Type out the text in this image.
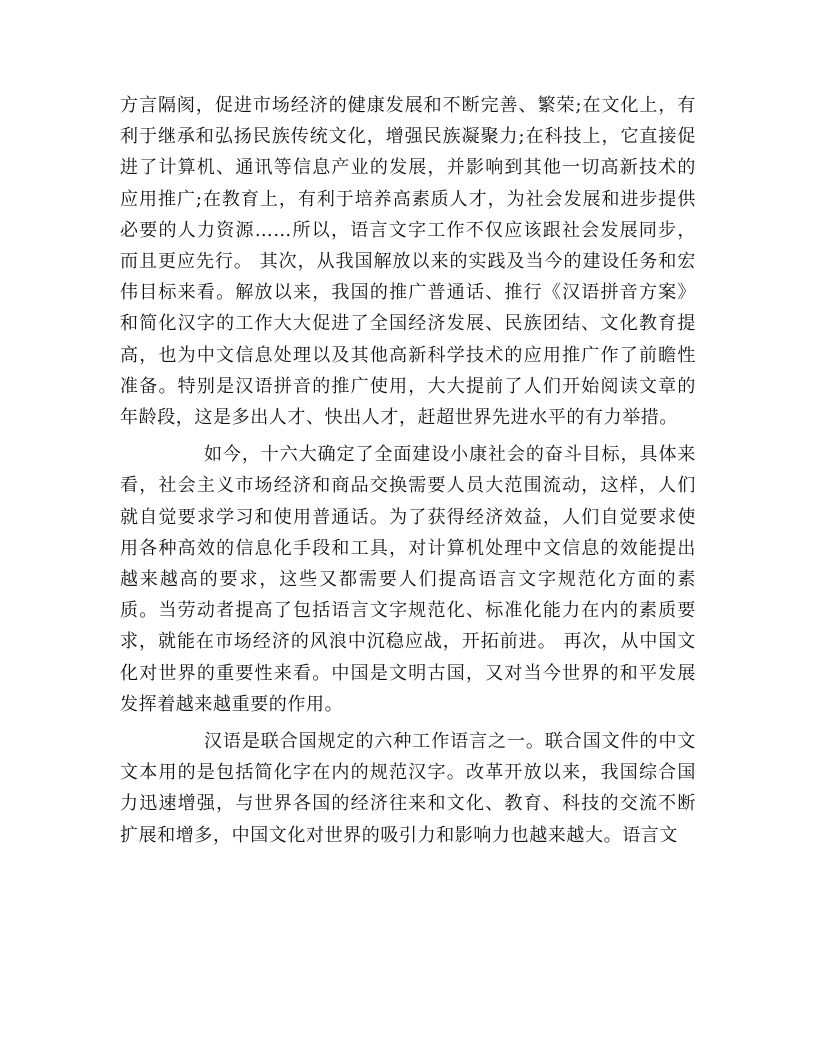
方言隔阂，促进市场经济的健康发展和不断完善、繁荣;在文化上，有利于继承和弘扬民族传统文化，增强民族凝聚力;在科技上，它直接促进了计算机、通讯等信息产业的发展，并影响到其他一切高新技术的应用推广;在教育上，有利于培养高素质人才，为社会发展和进步提供必要的人力资源……所以，语言文字工作不仅应该跟社会发展同步，而且更应先行。 其次，从我国解放以来的实践及当今的建设任务和宏伟目标来看。解放以来，我国的推广普通话、推行《汉语拼音方案》和简化汉字的工作大大促进了全国经济发展、民族团结、文化教育提高，也为中文信息处理以及其他高新科学技术的应用推广作了前瞻性准备。特别是汉语拼音的推广使用，大大提前了人们开始阅读文章的年龄段，这是多出人才、快出人才，赶超世界先进水平的有力举措。

如今，十六大确定了全面建设小康社会的奋斗目标，具体来看，社会主义市场经济和商品交换需要人员大范围流动，这样，人们就自觉要求学习和使用普通话。为了获得经济效益，人们自觉要求使用各种高效的信息化手段和工具，对计算机处理中文信息的效能提出越来越高的要求，这些又都需要人们提高语言文字规范化方面的素质。当劳动者提高了包括语言文字规范化、标准化能力在内的素质要求，就能在市场经济的风浪中沉稳应战，开拓前进。 再次，从中国文化对世界的重要性来看。中国是文明古国，又对当今世界的和平发展发挥着越来越重要的作用。

汉语是联合国规定的六种工作语言之一。联合国文件的中文文本用的是包括简化字在内的规范汉字。改革开放以来，我国综合国力迅速增强，与世界各国的经济往来和文化、教育、科技的交流不断扩展和增多，中国文化对世界的吸引力和影响力也越来越大。语言文
